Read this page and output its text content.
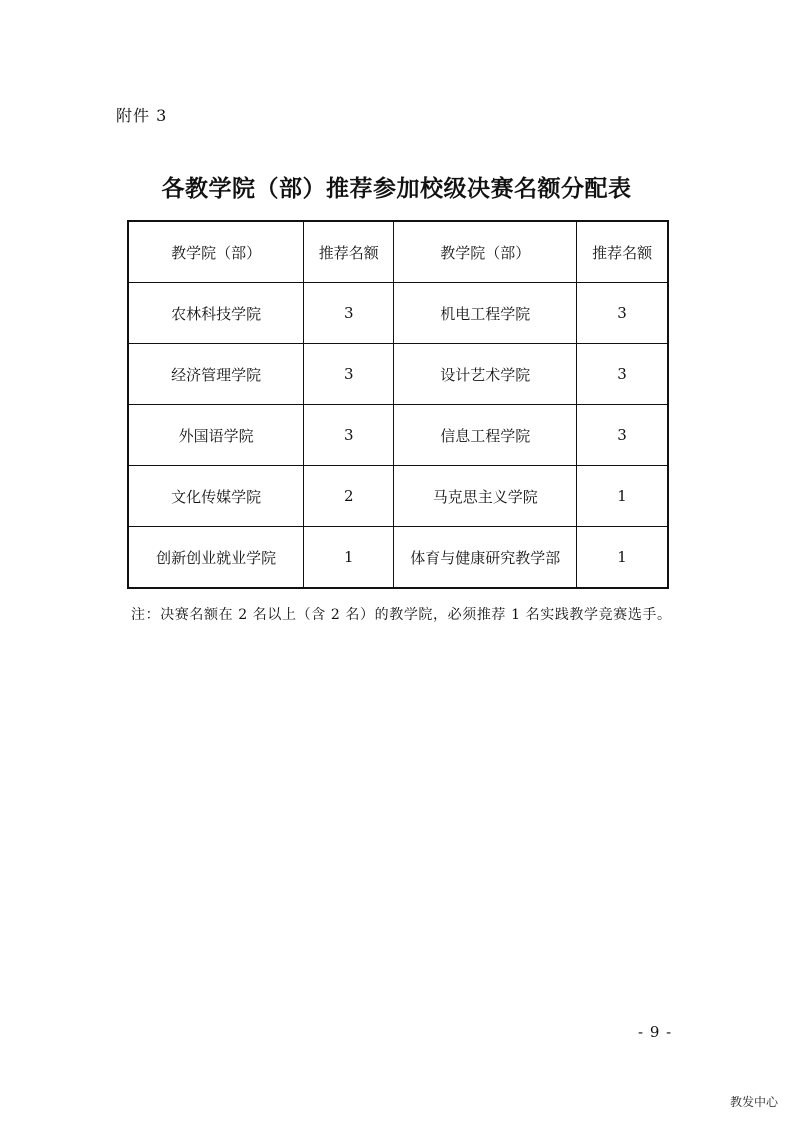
附件 3
各教学院（部）推荐参加校级决赛名额分配表
教学院（部）	推荐名额	教学院（部）	推荐名额
农林科技学院	3	机电工程学院	3
经济管理学院	3	设计艺术学院	3
外国语学院	3	信息工程学院	3
文化传媒学院	2	马克思主义学院	1
创新创业就业学院	1	体育与健康研究教学部	1
注：决赛名额在 2 名以上（含 2 名）的教学院，必须推荐 1 名实践教学竞赛选手。
- 9 -
教发中心
